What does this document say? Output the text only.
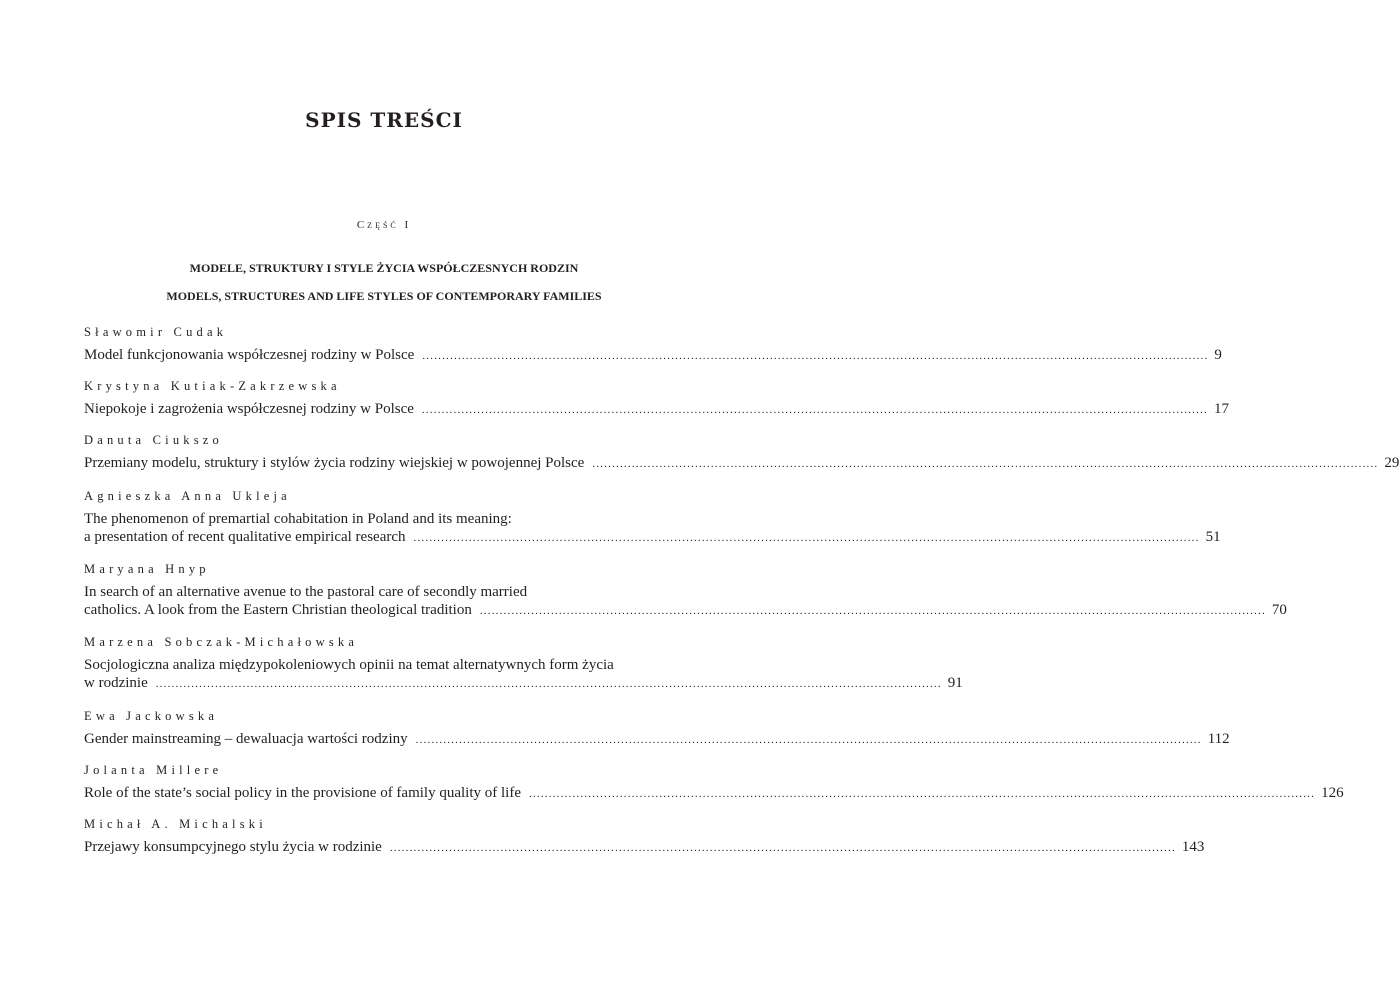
SPIS TREŚCI
Część I
MODELE, STRUKTURY I STYLE ŻYCIA WSPÓŁCZESNYCH RODZIN
MODELS, STRUCTURES AND LIFE STYLES OF CONTEMPORARY FAMILIES
Sławomir Cudak
Model funkcjonowania współczesnej rodziny w Polsce ....................................................................................................................................................................................................... 9
Krystyna Kutiak-Zakrzewska
Niepokoje i zagrożenia współczesnej rodziny w Polsce ....................................................................................................................................................................................................... 17
Danuta Ciukszo
Przemiany modelu, struktury i stylów życia rodziny wiejskiej w powojennej Polsce ....................................................................................................................................................................................................... 29
Agnieszka Anna Ukleja
The phenomenon of premartial cohabitation in Poland and its meaning:
a presentation of recent qualitative empirical research ....................................................................................................................................................................................................... 51
Maryana Hnyp
In search of an alternative avenue to the pastoral care of secondly married
catholics. A look from the Eastern Christian theological tradition ....................................................................................................................................................................................................... 70
Marzena Sobczak-Michałowska
Socjologiczna analiza międzypokoleniowych opinii na temat alternatywnych form życia
w rodzinie ....................................................................................................................................................................................................... 91
Ewa Jackowska
Gender mainstreaming – dewaluacja wartości rodziny ....................................................................................................................................................................................................... 112
Jolanta Millere
Role of the state’s social policy in the provisione of family quality of life ....................................................................................................................................................................................................... 126
Michał A. Michalski
Przejawy konsumpcyjnego stylu życia w rodzinie ....................................................................................................................................................................................................... 143
